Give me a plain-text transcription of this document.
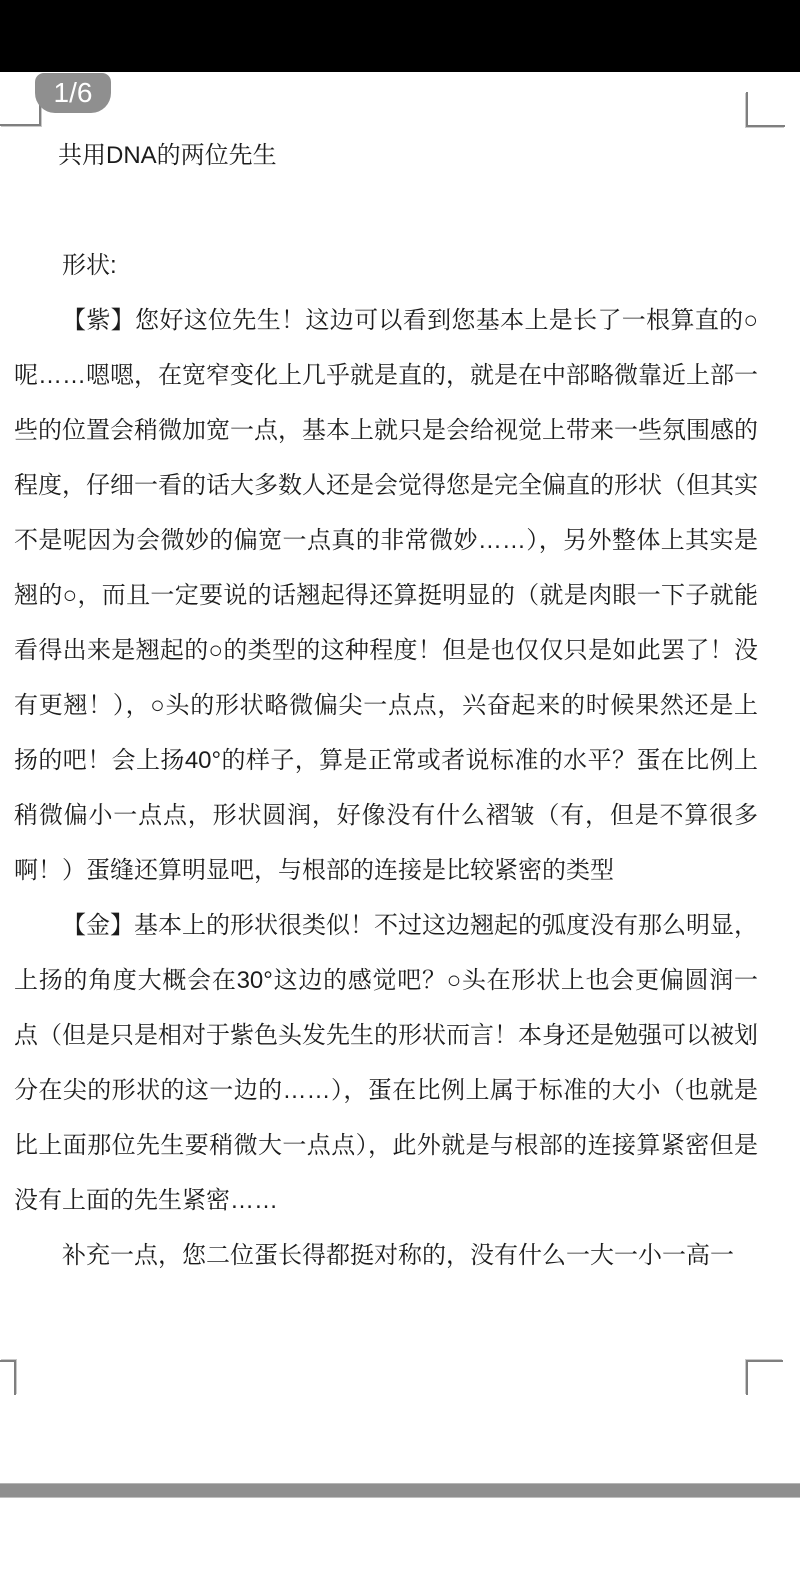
1/6
共用DNA的两位先生

形状:

【紫】您好这位先生！这边可以看到您基本上是长了一根算直的○呢……嗯嗯，在宽窄变化上几乎就是直的，就是在中部略微靠近上部一些的位置会稍微加宽一点，基本上就只是会给视觉上带来一些氛围感的程度，仔细一看的话大多数人还是会觉得您是完全偏直的形状（但其实不是呢因为会微妙的偏宽一点真的非常微妙……），另外整体上其实是翘的○，而且一定要说的话翘起得还算挺明显的（就是肉眼一下子就能看得出来是翘起的○的类型的这种程度！但是也仅仅只是如此罢了！没有更翘！），○头的形状略微偏尖一点点，兴奋起来的时候果然还是上扬的吧！会上扬40°的样子，算是正常或者说标准的水平？蛋在比例上稍微偏小一点点，形状圆润，好像没有什么褶皱（有，但是不算很多啊！）蛋缝还算明显吧，与根部的连接是比较紧密的类型

【金】基本上的形状很类似！不过这边翘起的弧度没有那么明显，上扬的角度大概会在30°这边的感觉吧？○头在形状上也会更偏圆润一点（但是只是相对于紫色头发先生的形状而言！本身还是勉强可以被划分在尖的形状的这一边的……），蛋在比例上属于标准的大小（也就是比上面那位先生要稍微大一点点），此外就是与根部的连接算紧密但是没有上面的先生紧密……

补充一点，您二位蛋长得都挺对称的，没有什么一大一小一高一
